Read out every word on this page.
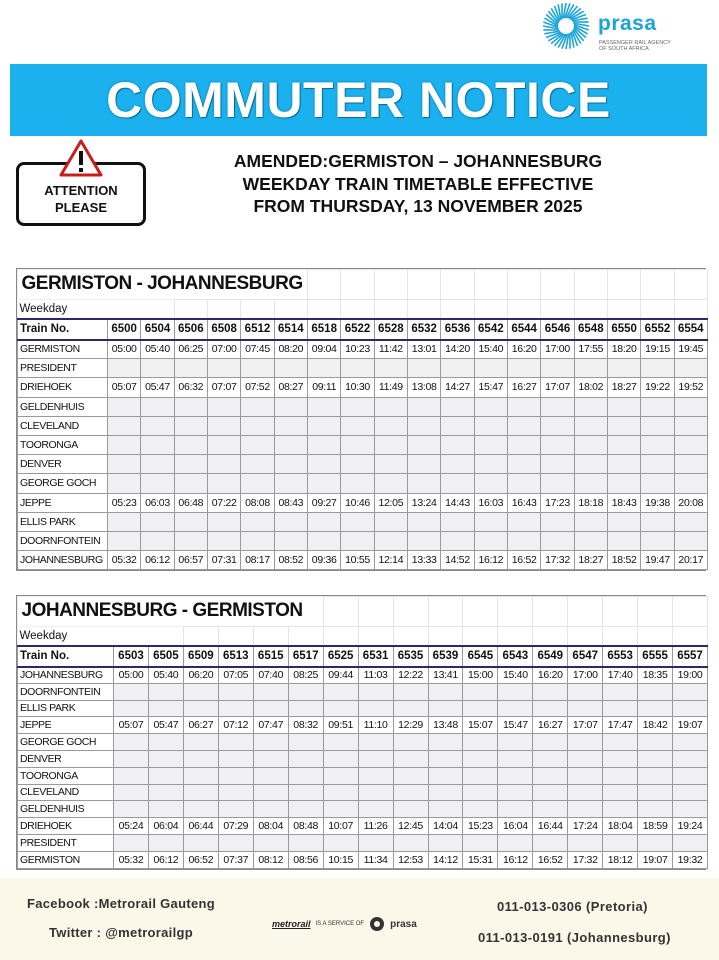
prasa
PASSENGER RAIL AGENCY OF SOUTH AFRICA
COMMUTER NOTICE
ATTENTION
PLEASE
AMENDED:GERMISTON – JOHANNESBURG
WEEKDAY TRAIN TIMETABLE EFFECTIVE
FROM THURSDAY, 13 NOVEMBER 2025
GERMISTON - JOHANNESBURG																		
Weekday																		
Train No.	6500	6504	6506	6508	6512	6514	6518	6522	6528	6532	6536	6542	6544	6546	6548	6550	6552	6554
GERMISTON	05:00	05:40	06:25	07:00	07:45	08:20	09:04	10:23	11:42	13:01	14:20	15:40	16:20	17:00	17:55	18:20	19:15	19:45
PRESIDENT																		
DRIEHOEK	05:07	05:47	06:32	07:07	07:52	08:27	09:11	10:30	11:49	13:08	14:27	15:47	16:27	17:07	18:02	18:27	19:22	19:52
GELDENHUIS																		
CLEVELAND																		
TOORONGA																		
DENVER																		
GEORGE GOCH																		
JEPPE	05:23	06:03	06:48	07:22	08:08	08:43	09:27	10:46	12:05	13:24	14:43	16:03	16:43	17:23	18:18	18:43	19:38	20:08
ELLIS PARK																		
DOORNFONTEIN																		
JOHANNESBURG	05:32	06:12	06:57	07:31	08:17	08:52	09:36	10:55	12:14	13:33	14:52	16:12	16:52	17:32	18:27	18:52	19:47	20:17
JOHANNESBURG - GERMISTON																	
Weekday																	
Train No.	6503	6505	6509	6513	6515	6517	6525	6531	6535	6539	6545	6543	6549	6547	6553	6555	6557
JOHANNESBURG	05:00	05:40	06:20	07:05	07:40	08:25	09:44	11:03	12:22	13:41	15:00	15:40	16:20	17:00	17:40	18:35	19:00
DOORNFONTEIN																	
ELLIS PARK																	
JEPPE	05:07	05:47	06:27	07:12	07:47	08:32	09:51	11:10	12:29	13:48	15:07	15:47	16:27	17:07	17:47	18:42	19:07
GEORGE GOCH																	
DENVER																	
TOORONGA																	
CLEVELAND																	
GELDENHUIS																	
DRIEHOEK	05:24	06:04	06:44	07:29	08:04	08:48	10:07	11:26	12:45	14:04	15:23	16:04	16:44	17:24	18:04	18:59	19:24
PRESIDENT																	
GERMISTON	05:32	06:12	06:52	07:37	08:12	08:56	10:15	11:34	12:53	14:12	15:31	16:12	16:52	17:32	18:12	19:07	19:32
Facebook :Metrorail Gauteng
Twitter : @metrorailgp
metrorail IS A SERVICE OF	prasa
011-013-0306 (Pretoria)
011-013-0191 (Johannesburg)
